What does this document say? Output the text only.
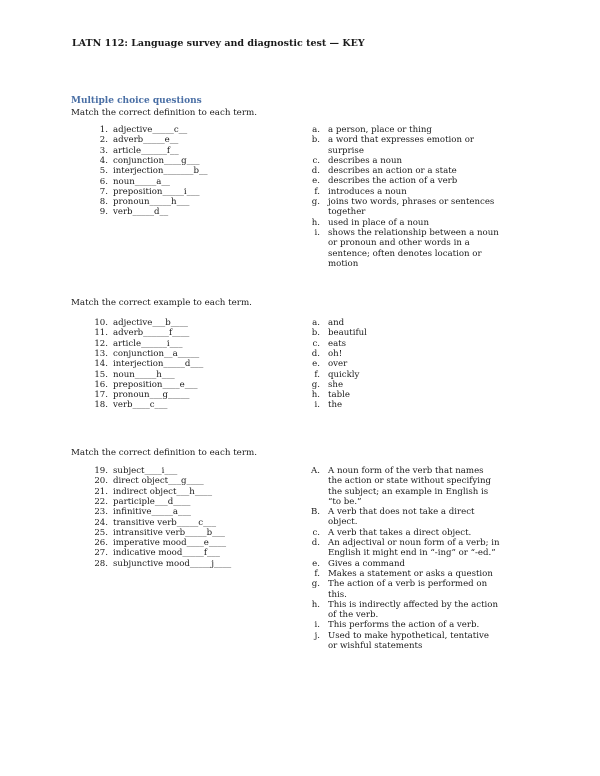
LATN 112: Language survey and diagnostic test — KEY
Multiple choice questions
Match the correct definition to each term.
1. adjective_____c__
2. adverb_____e__
3. article______f__
4. conjunction____g___
5. interjection_______b__
6. noun_____a__
7. preposition_____i___
8. pronoun_____h___
9. verb_____d__
a. a person, place or thing
b. a word that expresses emotion or surprise
c. describes a noun
d. describes an action or a state
e. describes the action of a verb
f. introduces a noun
g. joins two words, phrases or sentences together
h. used in place of a noun
i. shows the relationship between a noun or pronoun and other words in a sentence; often denotes location or motion
Match the correct example to each term.
10. adjective___b____
11. adverb______f____
12. article______i___
13. conjunction__a_____
14. interjection_____d___
15. noun_____h___
16. preposition____e___
17. pronoun___g_____
18. verb____c___
a. and
b. beautiful
c. eats
d. oh!
e. over
f. quickly
g. she
h. table
i. the
Match the correct definition to each term.
19. subject____i___
20. direct object___g____
21. indirect object___h____
22. participle___d____
23. infinitive_____a___
24. transitive verb_____c___
25. intransitive verb_____b___
26. imperative mood____e____
27. indicative mood_____f___
28. subjunctive mood_____j____
A. A noun form of the verb that names the action or state without specifying the subject; an example in English is “to be.”
B. A verb that does not take a direct object.
c. A verb that takes a direct object.
d. An adjectival or noun form of a verb; in English it might end in “-ing” or “-ed.”
e. Gives a command
f. Makes a statement or asks a question
g. The action of a verb is performed on this.
h. This is indirectly affected by the action of the verb.
i. This performs the action of a verb.
j. Used to make hypothetical, tentative or wishful statements
